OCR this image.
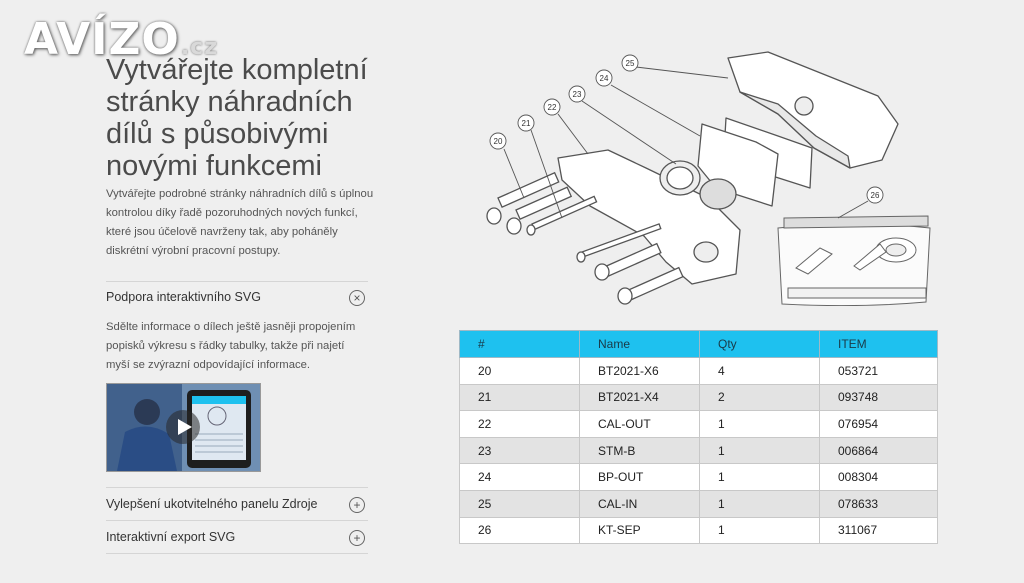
AVÍZO.cz
Vytvářejte kompletní stránky náhradních dílů s působivými novými funkcemi

Vytvářejte podrobné stránky náhradních dílů s úplnou kontrolou díky řadě pozoruhodných nových funkcí, které jsou účelově navrženy tak, aby poháněly diskrétní výrobní pracovní postupy.

Podpora interaktivního SVG	×

Sdělte informace o dílech ještě jasněji propojením popisků výkresu s řádky tabulky, takže při najetí myší se zvýrazní odpovídající informace.

Vylepšení ukotvitelného panelu Zdroje	+
Interaktivní export SVG	+
20
21
22
23
24
25
26
#	Name	Qty	ITEM
20	BT2021-X6	4	053721
21	BT2021-X4	2	093748
22	CAL-OUT	1	076954
23	STM-B	1	006864
24	BP-OUT	1	008304
25	CAL-IN	1	078633
26	KT-SEP	1	311067
